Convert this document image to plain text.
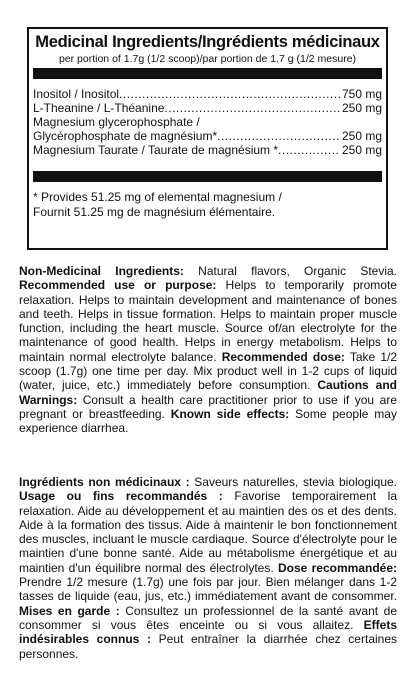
Medicinal Ingredients/Ingrédients médicinaux
per portion of 1.7g (1/2 scoop)/par portion de 1.7 g (1/2 mesure)
Inositol / Inositol .....	750 mg
L-Theanine / L-Théanine .....	250 mg
Magnesium glycerophosphate /
Glycérophosphate de magnésium* .....	250 mg
Magnesium Taurate / Taurate de magnésium * .....	250 mg
* Provides 51.25 mg of elemental magnesium /
Fournit 51.25 mg de magnésium élémentaire.
Non-Medicinal Ingredients: Natural flavors, Organic Stevia. Recommended use or purpose: Helps to temporarily promote relaxation. Helps to maintain development and maintenance of bones and teeth. Helps in tissue formation. Helps to maintain proper muscle function, including the heart muscle. Source of/an electrolyte for the maintenance of good health. Helps in energy metabolism. Helps to maintain normal electrolyte balance. Recommended dose: Take 1/2 scoop (1.7g) one time per day. Mix product well in 1-2 cups of liquid (water, juice, etc.) immediately before consumption. Cautions and Warnings: Consult a health care practitioner prior to use if you are pregnant or breastfeeding. Known side effects: Some people may experience diarrhea.
Ingrédients non médicinaux : Saveurs naturelles, stevia biologique. Usage ou fins recommandés : Favorise temporairement la relaxation. Aide au développement et au maintien des os et des dents. Aide à la formation des tissus. Aide à maintenir le bon fonctionnement des muscles, incluant le muscle cardiaque. Source d'électrolyte pour le maintien d'une bonne santé. Aide au métabolisme énergétique et au maintien d'un équilibre normal des électrolytes. Dose recommandée: Prendre 1/2 mesure (1.7g) une fois par jour. Bien mélanger dans 1-2 tasses de liquide (eau, jus, etc.) immédiatement avant de consommer. Mises en garde : Consultez un professionnel de la santé avant de consommer si vous êtes enceinte ou si vous allaitez. Effets indésirables connus : Peut entraîner la diarrhée chez certaines personnes.
